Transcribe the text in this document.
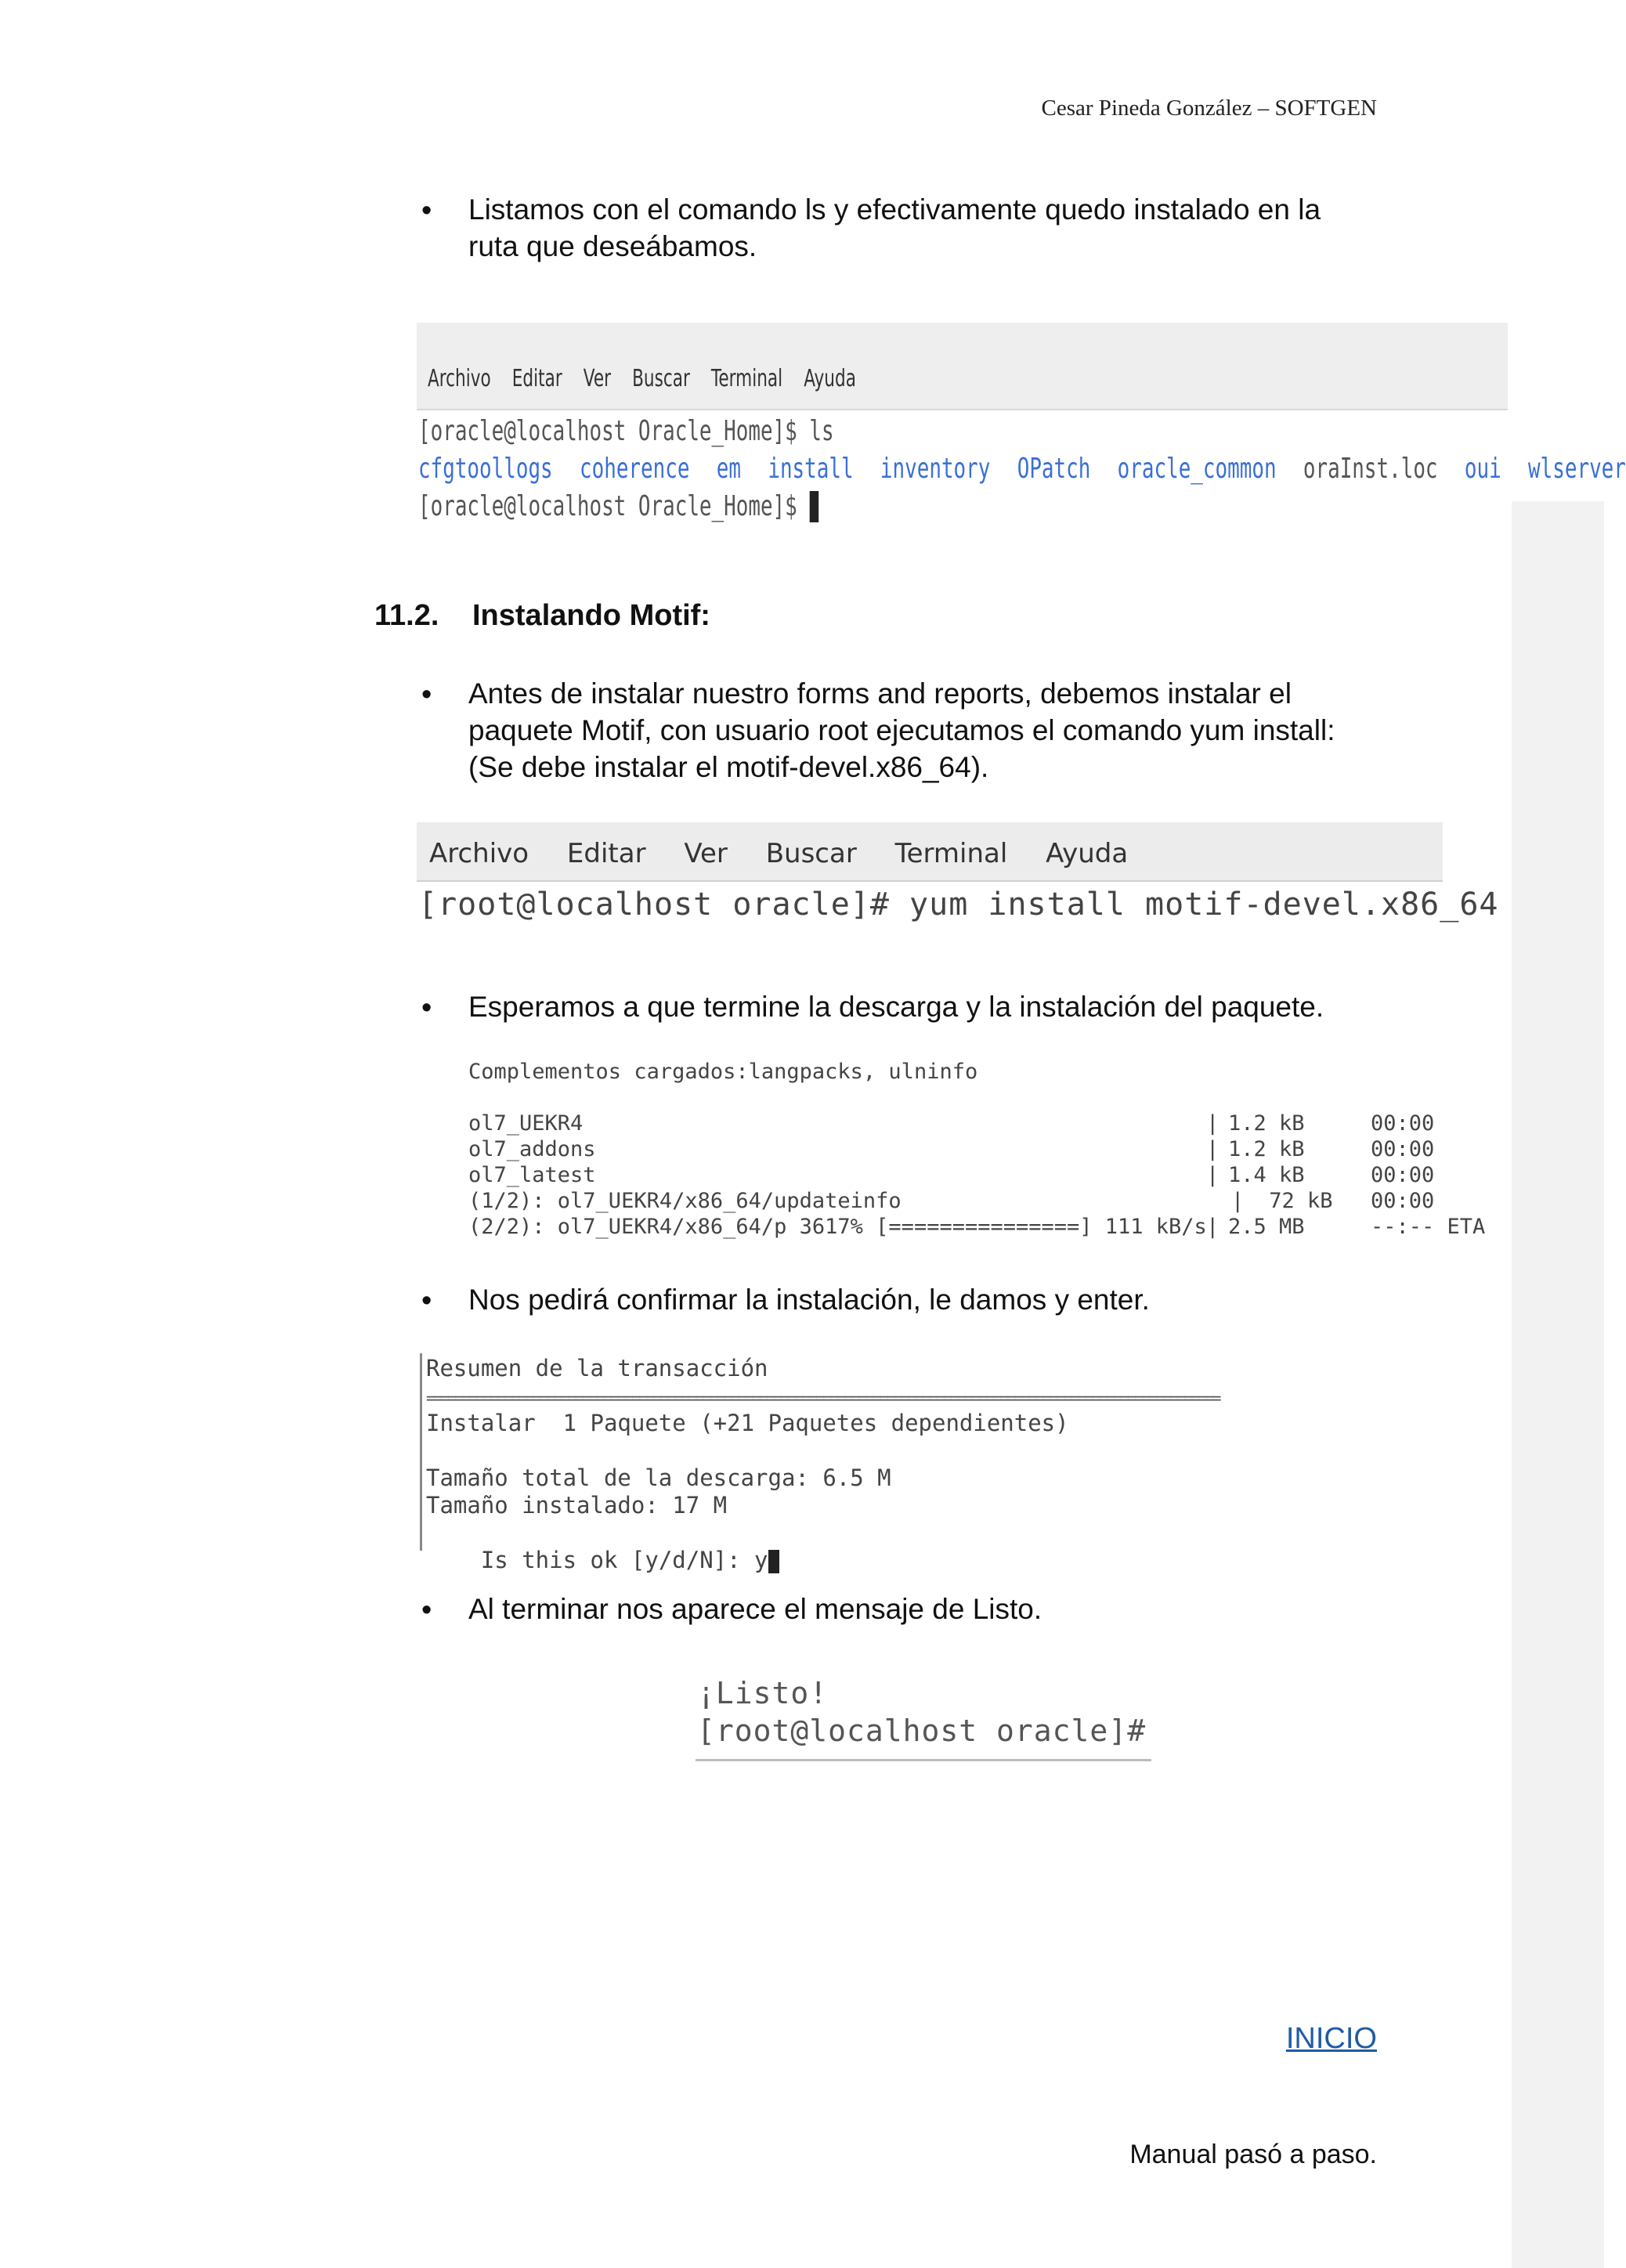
Cesar Pineda González – SOFTGEN
• Listamos con el comando ls y efectivamente quedo instalado en la
ruta que deseábamos.
Archivo Editar Ver Buscar Terminal Ayuda
[oracle@localhost Oracle_Home]$ ls
cfgtoollogs coherence em install inventory OPatch oracle_common oraInst.loc oui wlserver
[oracle@localhost Oracle_Home]$
11.2. Instalando Motif:
• Antes de instalar nuestro forms and reports, debemos instalar el
paquete Motif, con usuario root ejecutamos el comando yum install:
(Se debe instalar el motif-devel.x86_64).
Archivo Editar Ver Buscar Terminal Ayuda
[root@localhost oracle]# yum install motif-devel.x86_64
• Esperamos a que termine la descarga y la instalación del paquete.
Complementos cargados:langpacks, ulninfo

ol7_UEKR4	| 1.2 kB	00:00

ol7_addons	| 1.2 kB	00:00

ol7_latest	| 1.4 kB	00:00

(1/2): ol7_UEKR4/x86_64/updateinfo	| 72 kB 00:00

(2/2): ol7_UEKR4/x86_64/p 3617% [===============] 111 kB/s | 2.5 MB	--:-- ETA

• Nos pedirá confirmar la instalación, le damos y enter.
Resumen de la transacción
================================================================================================================
Instalar  1 Paquete (+21 Paquetes dependientes)
Tamaño total de la descarga: 6.5 M
Tamaño instalado: 17 M

Is this ok [y/d/N]: y

• Al terminar nos aparece el mensaje de Listo.
¡Listo!
[root@localhost oracle]#
INICIO
Manual pasó a paso.
